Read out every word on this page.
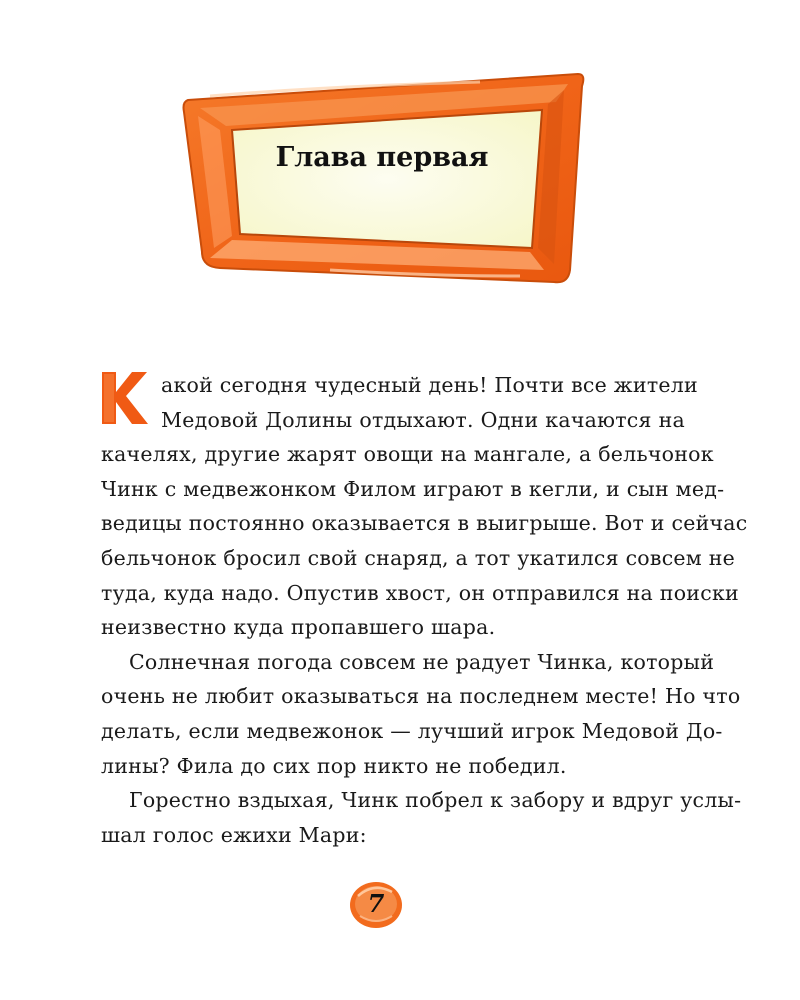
Глава первая
акой сегодня чудесный день! Почти все жители
Медовой Долины отдыхают. Одни качаются на
качелях, другие жарят овощи на мангале, а бельчонок
Чинк с медвежонком Филом играют в кегли, и сын мед-
ведицы постоянно оказывается в выигрыше. Вот и сейчас
бельчонок бросил свой снаряд, а тот укатился совсем не
туда, куда надо. Опустив хвост, он отправился на поиски
неизвестно куда пропавшего шара.
Солнечная погода совсем не радует Чинка, который
очень не любит оказываться на последнем месте! Но что
делать, если медвежонок — лучший игрок Медовой До-
лины? Фила до сих пор никто не победил.
Горестно вздыхая, Чинк побрел к забору и вдруг услы-
шал голос ежихи Мари:
7
